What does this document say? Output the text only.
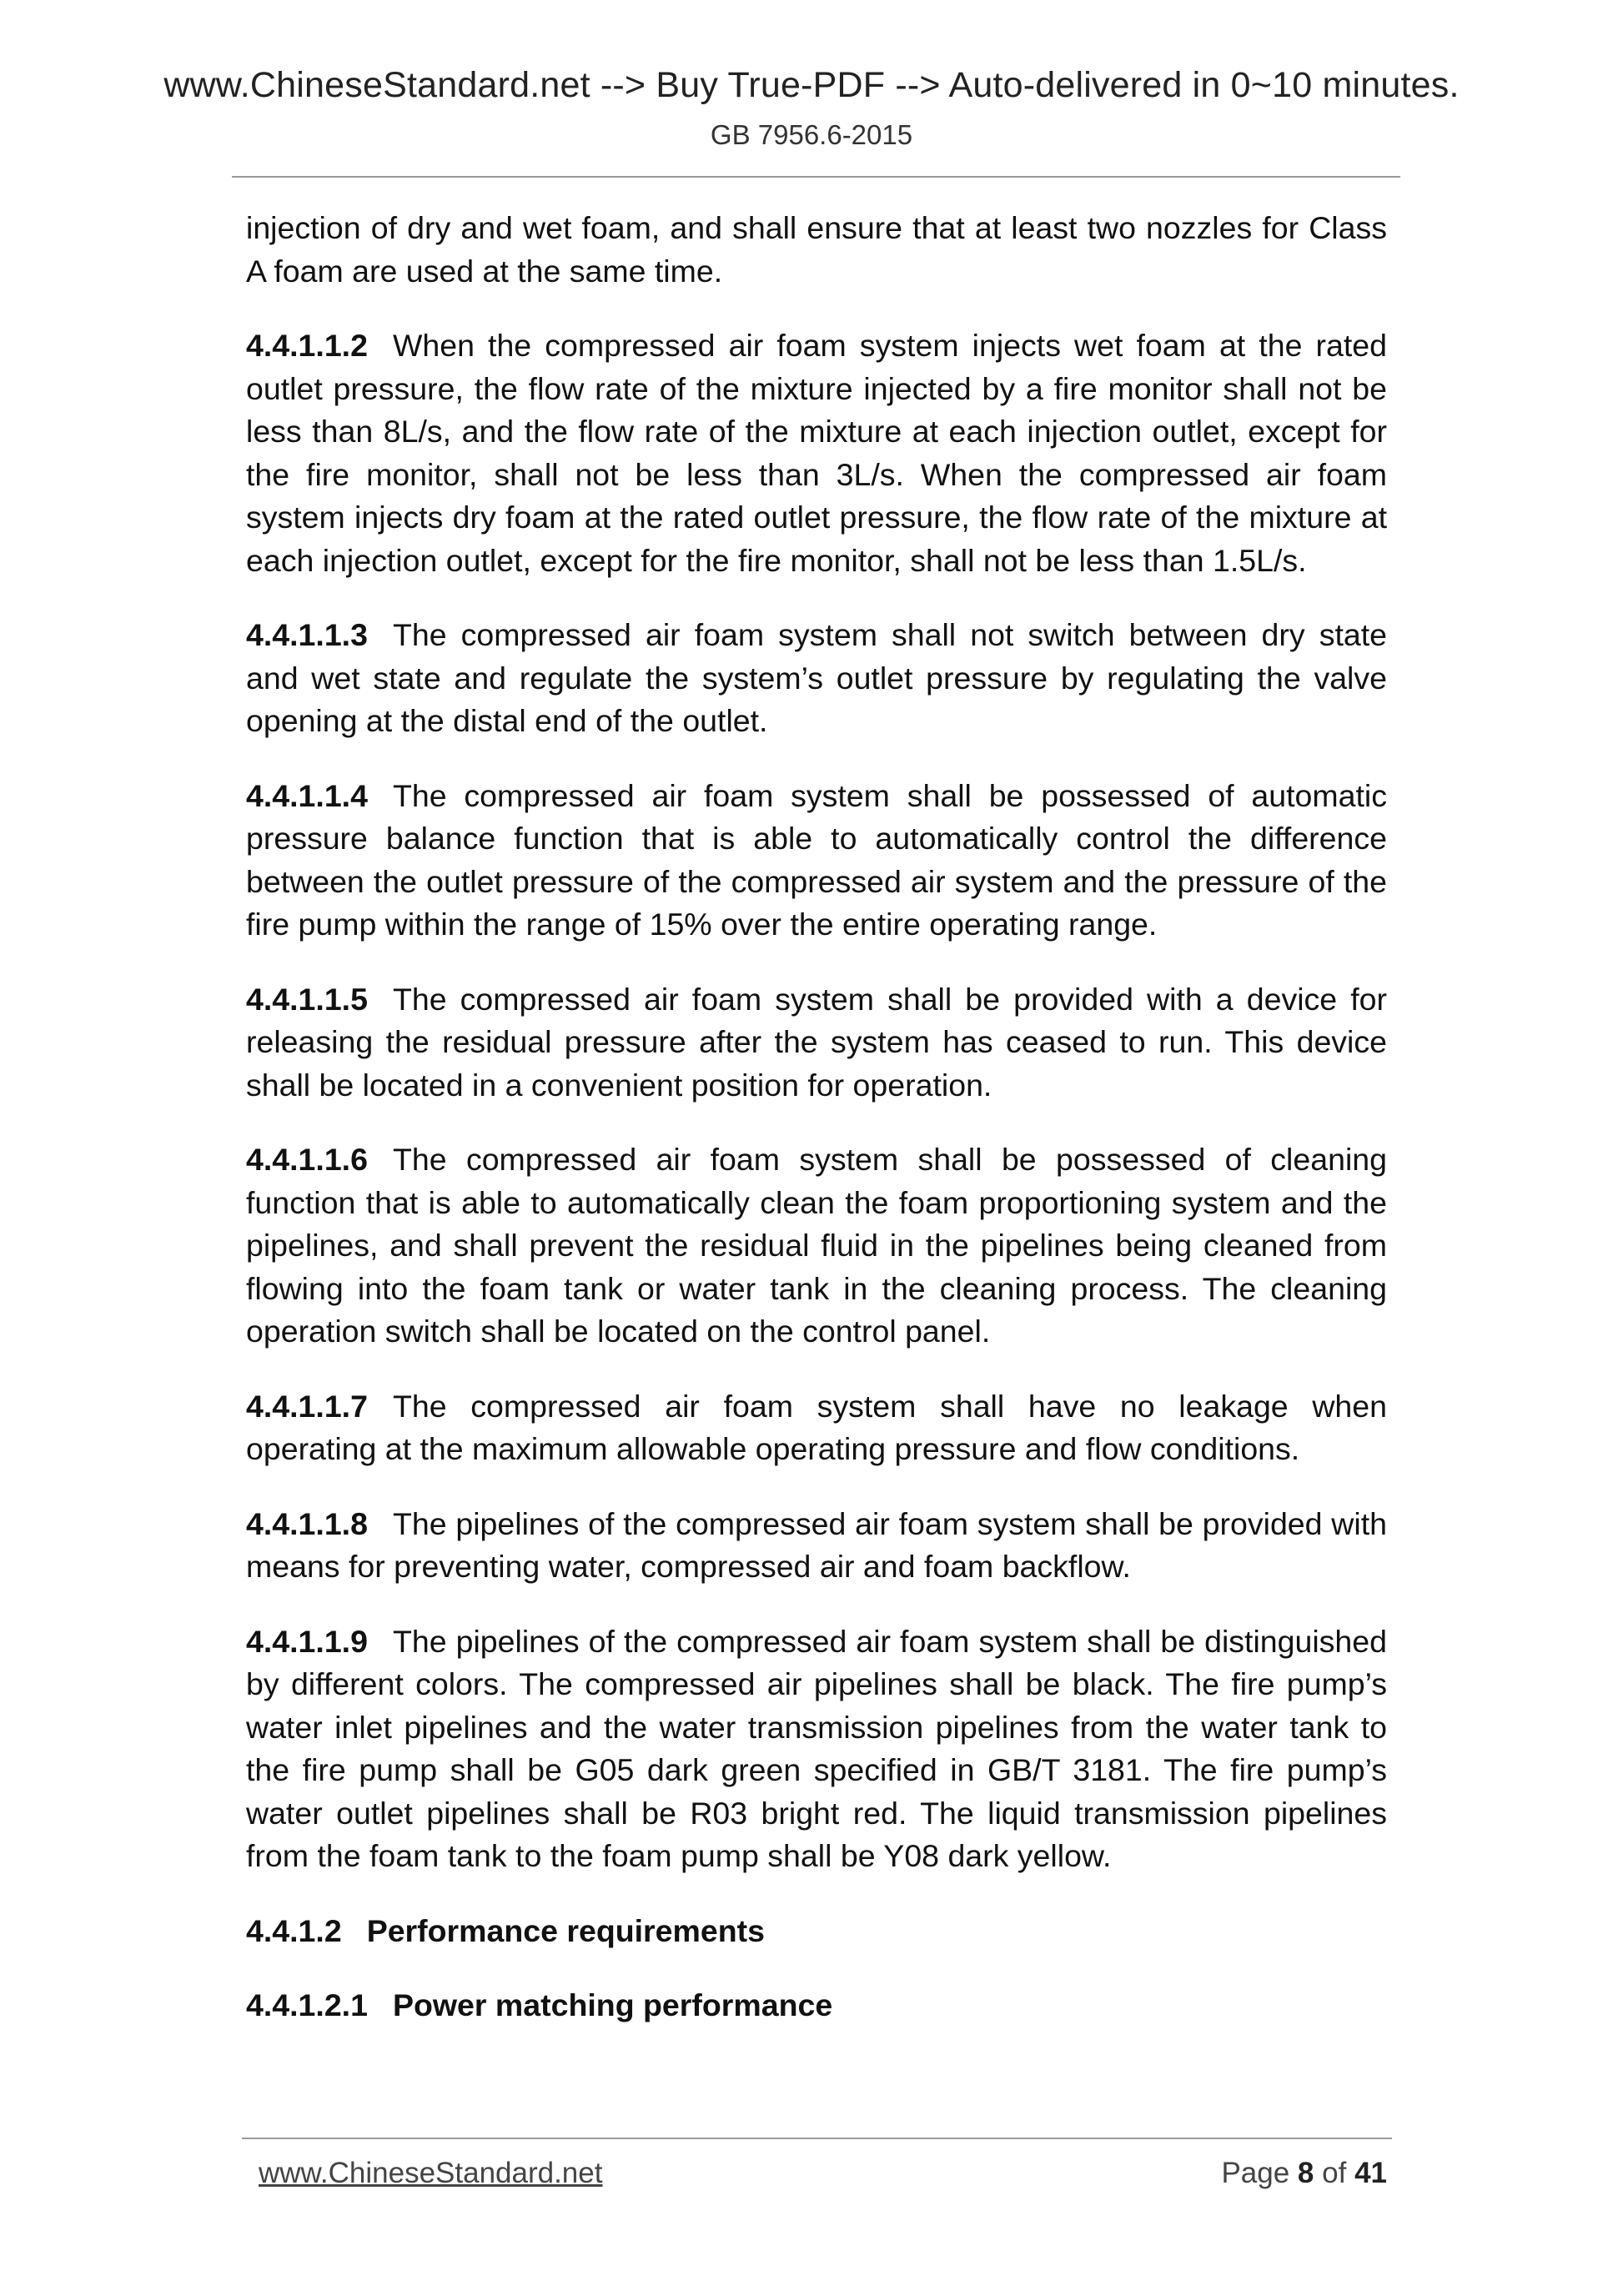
www.ChineseStandard.net --> Buy True-PDF --> Auto-delivered in 0~10 minutes.
GB 7956.6-2015

injection of dry and wet foam, and shall ensure that at least two nozzles for Class A foam are used at the same time.

4.4.1.1.2 When the compressed air foam system injects wet foam at the rated outlet pressure, the flow rate of the mixture injected by a fire monitor shall not be less than 8L/s, and the flow rate of the mixture at each injection outlet, except for the fire monitor, shall not be less than 3L/s. When the compressed air foam system injects dry foam at the rated outlet pressure, the flow rate of the mixture at each injection outlet, except for the fire monitor, shall not be less than 1.5L/s.

4.4.1.1.3 The compressed air foam system shall not switch between dry state and wet state and regulate the system’s outlet pressure by regulating the valve opening at the distal end of the outlet.

4.4.1.1.4 The compressed air foam system shall be possessed of automatic pressure balance function that is able to automatically control the difference between the outlet pressure of the compressed air system and the pressure of the fire pump within the range of 15% over the entire operating range.

4.4.1.1.5 The compressed air foam system shall be provided with a device for releasing the residual pressure after the system has ceased to run. This device shall be located in a convenient position for operation.

4.4.1.1.6 The compressed air foam system shall be possessed of cleaning function that is able to automatically clean the foam proportioning system and the pipelines, and shall prevent the residual fluid in the pipelines being cleaned from flowing into the foam tank or water tank in the cleaning process. The cleaning operation switch shall be located on the control panel.

4.4.1.1.7 The compressed air foam system shall have no leakage when operating at the maximum allowable operating pressure and flow conditions.

4.4.1.1.8 The pipelines of the compressed air foam system shall be provided with means for preventing water, compressed air and foam backflow.

4.4.1.1.9 The pipelines of the compressed air foam system shall be distinguished by different colors. The compressed air pipelines shall be black. The fire pump’s water inlet pipelines and the water transmission pipelines from the water tank to the fire pump shall be G05 dark green specified in GB/T 3181. The fire pump’s water outlet pipelines shall be R03 bright red. The liquid transmission pipelines from the foam tank to the foam pump shall be Y08 dark yellow.

4.4.1.2 Performance requirements

4.4.1.2.1 Power matching performance

www.ChineseStandard.net	Page 8 of 41
